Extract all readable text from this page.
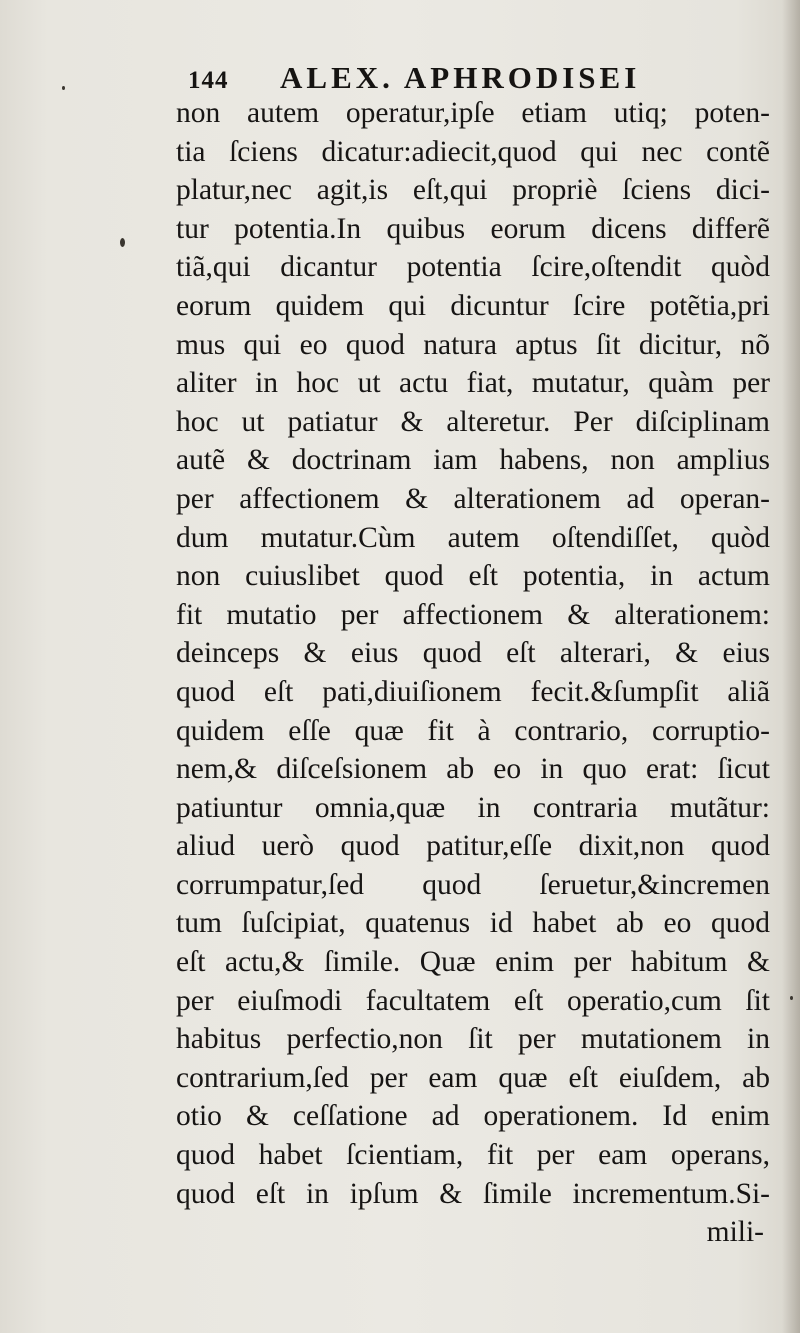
144 ALEX. APHRODISEI
non autem operatur,ipſe etiam utiq; poten-
tia ſciens dicatur:adiecit,quod qui nec contẽ
platur,nec agit,is eſt,qui propriè ſciens dici-
tur potentia.In quibus eorum dicens differẽ
tiã,qui dicantur potentia ſcire,oſtendit quòd
eorum quidem qui dicuntur ſcire potẽtia,pri
mus qui eo quod natura aptus ſit dicitur, nõ
aliter in hoc ut actu fiat, mutatur, quàm per
hoc ut patiatur & alteretur. Per diſciplinam
autẽ & doctrinam iam habens, non amplius
per affectionem & alterationem ad operan-
dum mutatur.Cùm autem oſtendiſſet, quòd
non cuiuslibet quod eſt potentia, in actum
fit mutatio per affectionem & alterationem:
deinceps & eius quod eſt alterari, & eius
quod eſt pati,diuiſionem fecit.&ſumpſit aliã
quidem eſſe quæ fit à contrario, corruptio-
nem,& diſceſsionem ab eo in quo erat: ſicut
patiuntur omnia,quæ in contraria mutãtur:
aliud uerò quod patitur,eſſe dixit,non quod
corrumpatur,ſed quod ſeruetur,&incremen
tum ſuſcipiat, quatenus id habet ab eo quod
eſt actu,& ſimile. Quæ enim per habitum &
per eiuſmodi facultatem eſt operatio,cum ſit
habitus perfectio,non ſit per mutationem in
contrarium,ſed per eam quæ eſt eiuſdem, ab
otio & ceſſatione ad operationem. Id enim
quod habet ſcientiam, fit per eam operans,
quod eſt in ipſum & ſimile incrementum.Si-
mili-
